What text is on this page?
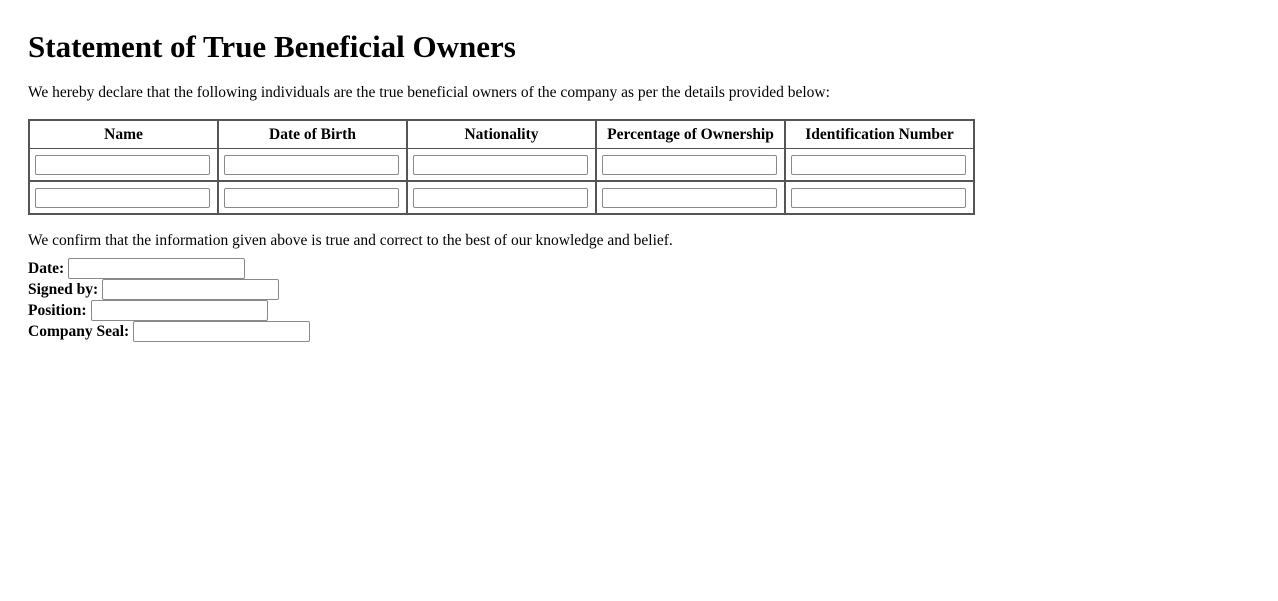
Statement of True Beneficial Owners

We hereby declare that the following individuals are the true beneficial owners of the company as per the details provided below:

Name	Date of Birth	Nationality	Percentage of Ownership	Identification Number

We confirm that the information given above is true and correct to the best of our knowledge and belief.

Date:
Signed by:
Position:
Company Seal:
